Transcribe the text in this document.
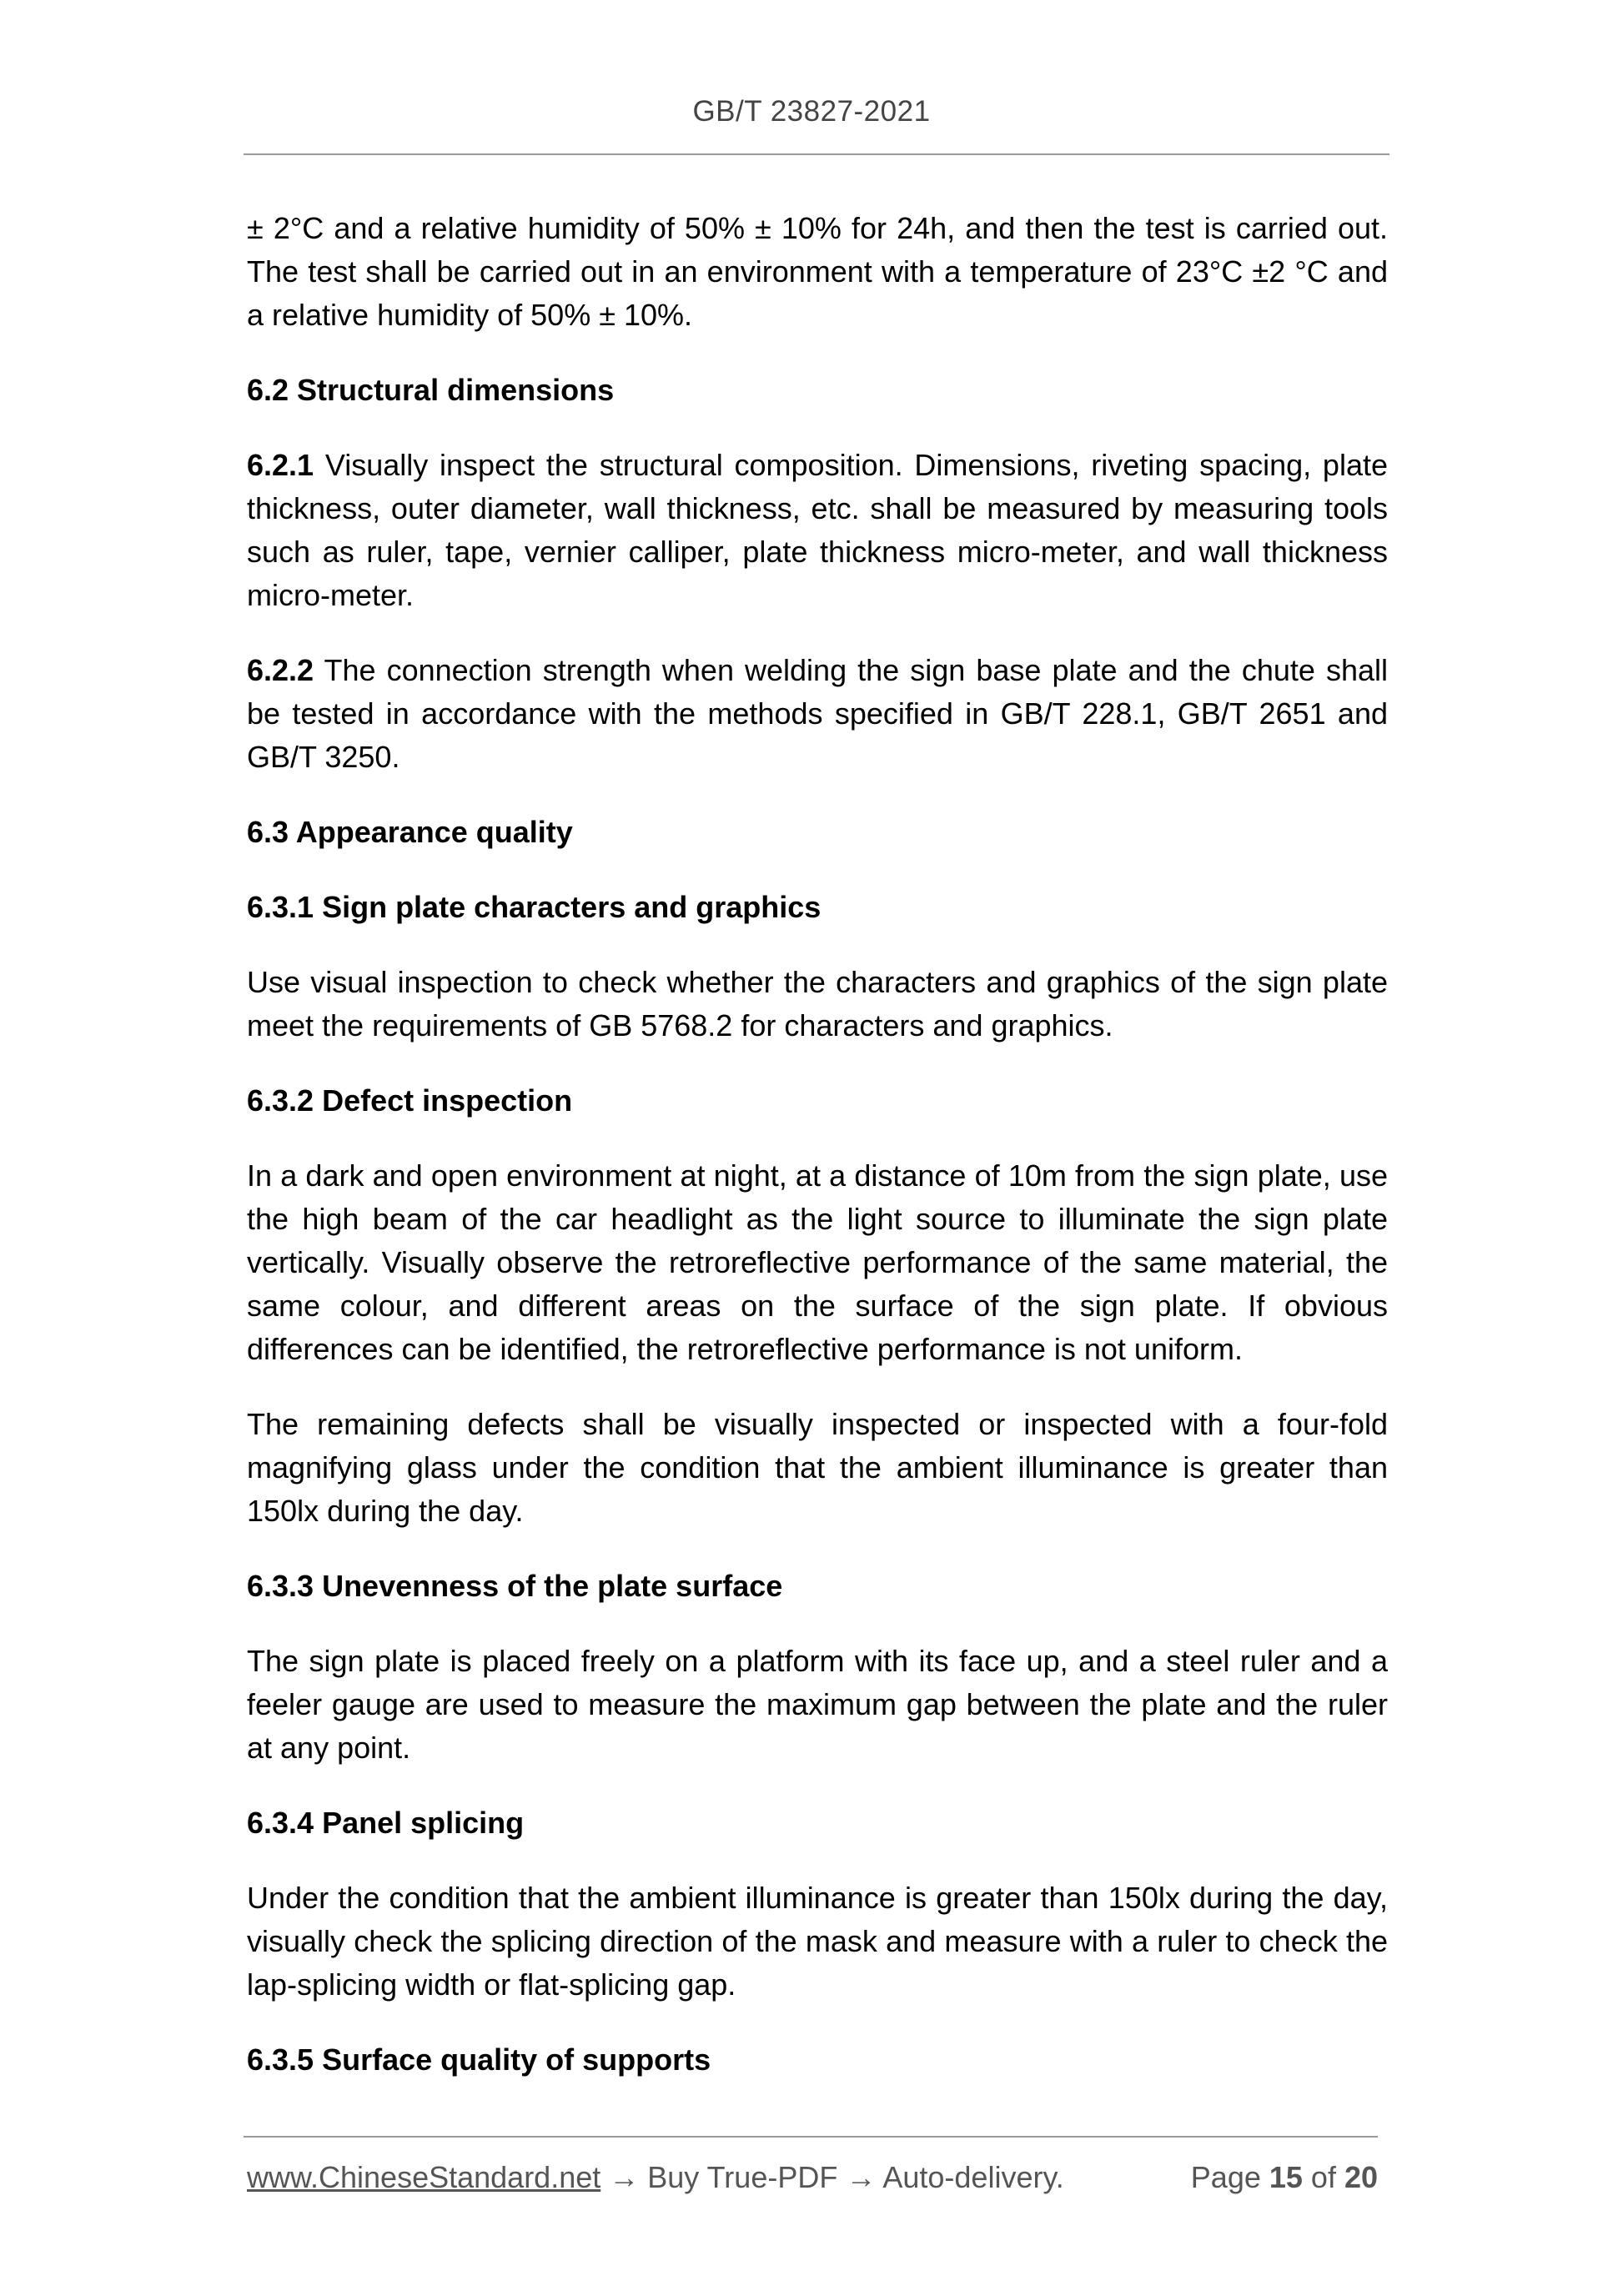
GB/T 23827-2021

± 2°C and a relative humidity of 50% ± 10% for 24h, and then the test is carried out. The test shall be carried out in an environment with a temperature of 23°C ±2 °C and a relative humidity of 50% ± 10%.

6.2 Structural dimensions

6.2.1 Visually inspect the structural composition. Dimensions, riveting spacing, plate thickness, outer diameter, wall thickness, etc. shall be measured by measuring tools such as ruler, tape, vernier calliper, plate thickness micro-meter, and wall thickness micro-meter.

6.2.2 The connection strength when welding the sign base plate and the chute shall be tested in accordance with the methods specified in GB/T 228.1, GB/T 2651 and GB/T 3250.

6.3 Appearance quality

6.3.1 Sign plate characters and graphics

Use visual inspection to check whether the characters and graphics of the sign plate meet the requirements of GB 5768.2 for characters and graphics.

6.3.2 Defect inspection

In a dark and open environment at night, at a distance of 10m from the sign plate, use the high beam of the car headlight as the light source to illuminate the sign plate vertically. Visually observe the retroreflective performance of the same material, the same colour, and different areas on the surface of the sign plate. If obvious differences can be identified, the retroreflective performance is not uniform.

The remaining defects shall be visually inspected or inspected with a four-fold magnifying glass under the condition that the ambient illuminance is greater than 150lx during the day.

6.3.3 Unevenness of the plate surface

The sign plate is placed freely on a platform with its face up, and a steel ruler and a feeler gauge are used to measure the maximum gap between the plate and the ruler at any point.

6.3.4 Panel splicing

Under the condition that the ambient illuminance is greater than 150lx during the day, visually check the splicing direction of the mask and measure with a ruler to check the lap-splicing width or flat-splicing gap.

6.3.5 Surface quality of supports

www.ChineseStandard.net → Buy True-PDF → Auto-delivery.	Page 15 of 20
